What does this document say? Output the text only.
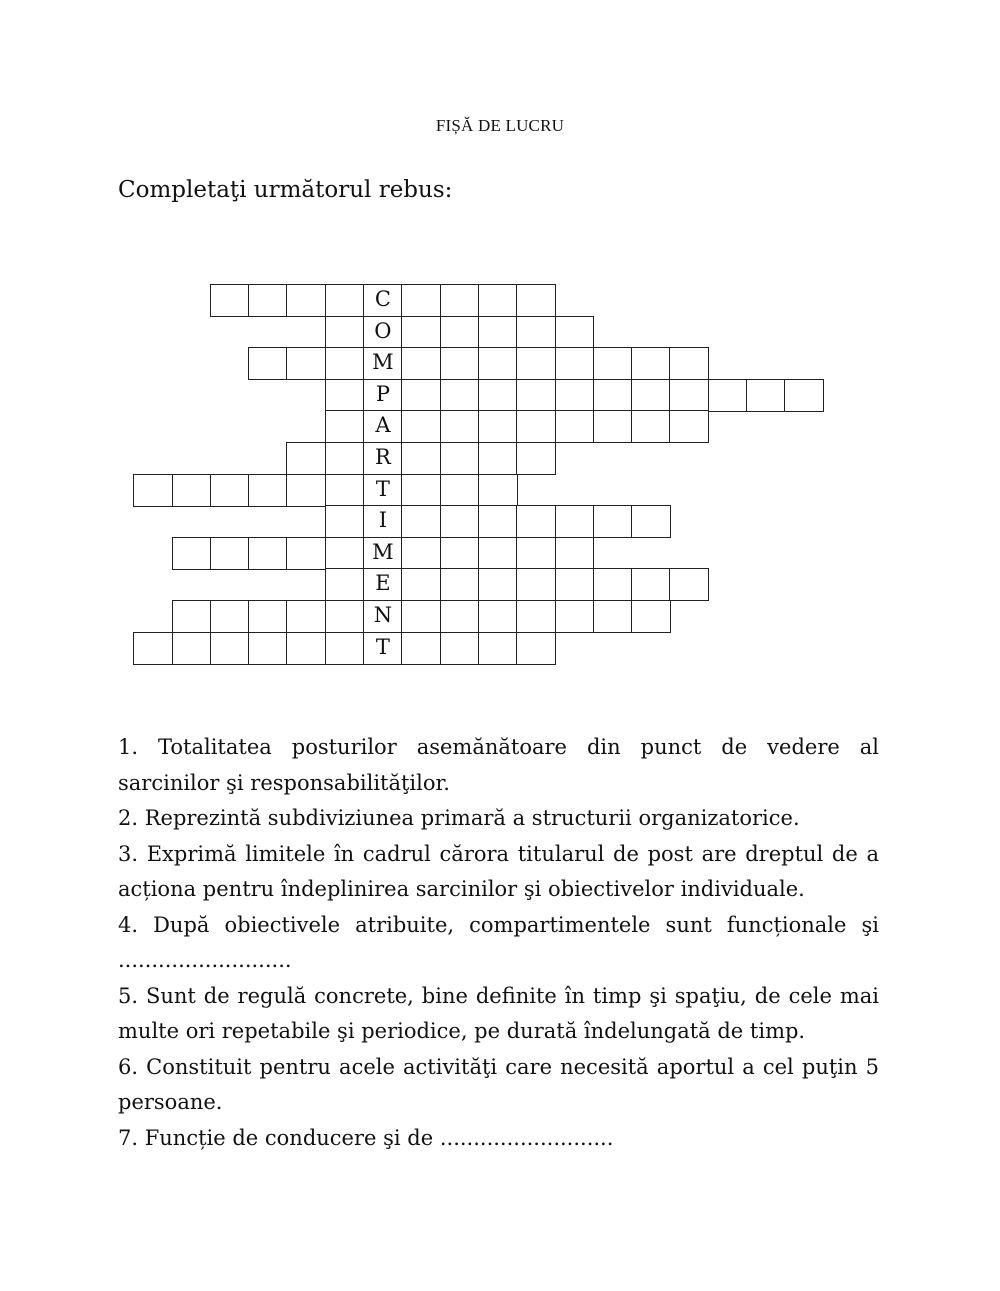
FIȘĂ DE LUCRU
Completaţi următorul rebus:
C
O
M
P
A
R
T
I
M
E
N
T

1. Totalitatea posturilor asemănătoare din punct de vedere al sarcinilor şi responsabilităţilor.

2. Reprezintă subdiviziunea primară a structurii organizatorice.

3. Exprimă limitele în cadrul cărora titularul de post are dreptul de a acționa pentru îndeplinirea sarcinilor şi obiectivelor individuale.

4. După obiectivele atribuite, compartimentele sunt funcționale şi ..........................

5. Sunt de regulă concrete, bine definite în timp şi spaţiu, de cele mai multe ori repetabile şi periodice, pe durată îndelungată de timp.

6. Constituit pentru acele activităţi care necesită aportul a cel puţin 5 persoane.

7. Funcție de conducere şi de ..........................
